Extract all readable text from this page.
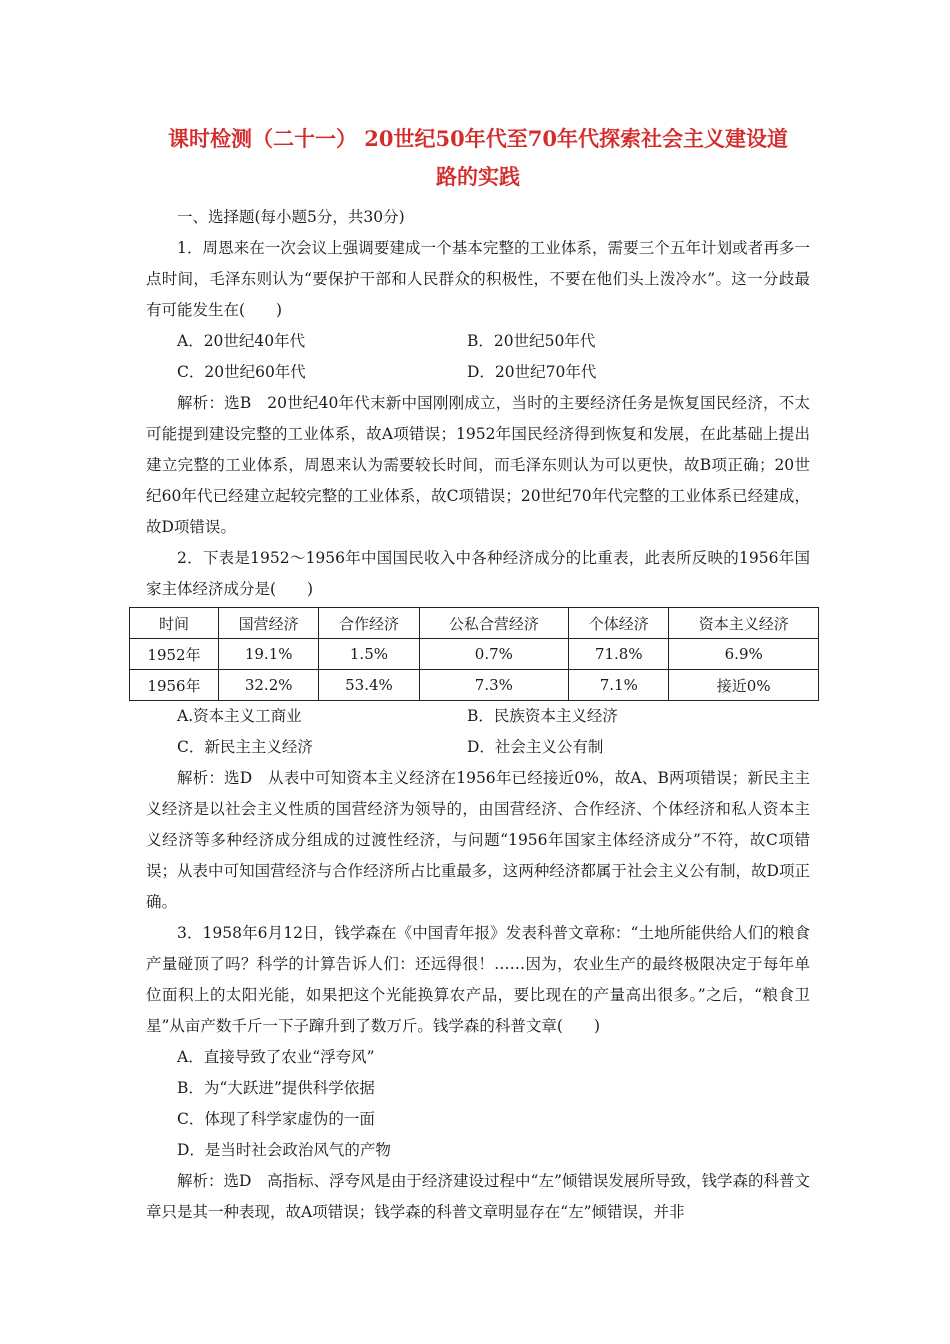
课时检测（二十一） 20世纪50年代至70年代探索社会主义建设道
路的实践

一、选择题(每小题5分，共30分)

1．周恩来在一次会议上强调要建成一个基本完整的工业体系，需要三个五年计划或者再多一点时间，毛泽东则认为“要保护干部和人民群众的积极性，不要在他们头上泼冷水”。这一分歧最有可能发生在(　　)

A．20世纪40年代	B．20世纪50年代
C．20世纪60年代	D．20世纪70年代

解析：选B　20世纪40年代末新中国刚刚成立，当时的主要经济任务是恢复国民经济，不太可能提到建设完整的工业体系，故A项错误；1952年国民经济得到恢复和发展，在此基础上提出建立完整的工业体系，周恩来认为需要较长时间，而毛泽东则认为可以更快，故B项正确；20世纪60年代已经建立起较完整的工业体系，故C项错误；20世纪70年代完整的工业体系已经建成，故D项错误。

2．下表是1952～1956年中国国民收入中各种经济成分的比重表，此表所反映的1956年国家主体经济成分是(　　)

时间	国营经济	合作经济	公私合营经济	个体经济	资本主义经济
1952年	19.1%	1.5%	0.7%	71.8%	6.9%
1956年	32.2%	53.4%	7.3%	7.1%	接近0%
A.资本主义工商业	B．民族资本主义经济
C．新民主主义经济	D．社会主义公有制

解析：选D　从表中可知资本主义经济在1956年已经接近0%，故A、B两项错误；新民主主义经济是以社会主义性质的国营经济为领导的，由国营经济、合作经济、个体经济和私人资本主义经济等多种经济成分组成的过渡性经济，与问题“1956年国家主体经济成分”不符，故C项错误；从表中可知国营经济与合作经济所占比重最多，这两种经济都属于社会主义公有制，故D项正确。

3．1958年6月12日，钱学森在《中国青年报》发表科普文章称：“土地所能供给人们的粮食产量碰顶了吗？科学的计算告诉人们：还远得很！……因为，农业生产的最终极限决定于每年单位面积上的太阳光能，如果把这个光能换算农产品，要比现在的产量高出很多。”之后，“粮食卫星”从亩产数千斤一下子蹿升到了数万斤。钱学森的科普文章(　　)

A．直接导致了农业“浮夸风”
B．为“大跃进”提供科学依据
C．体现了科学家虚伪的一面
D．是当时社会政治风气的产物

解析：选D　高指标、浮夸风是由于经济建设过程中“左”倾错误发展所导致，钱学森的科普文章只是其一种表现，故A项错误；钱学森的科普文章明显存在“左”倾错误，并非
